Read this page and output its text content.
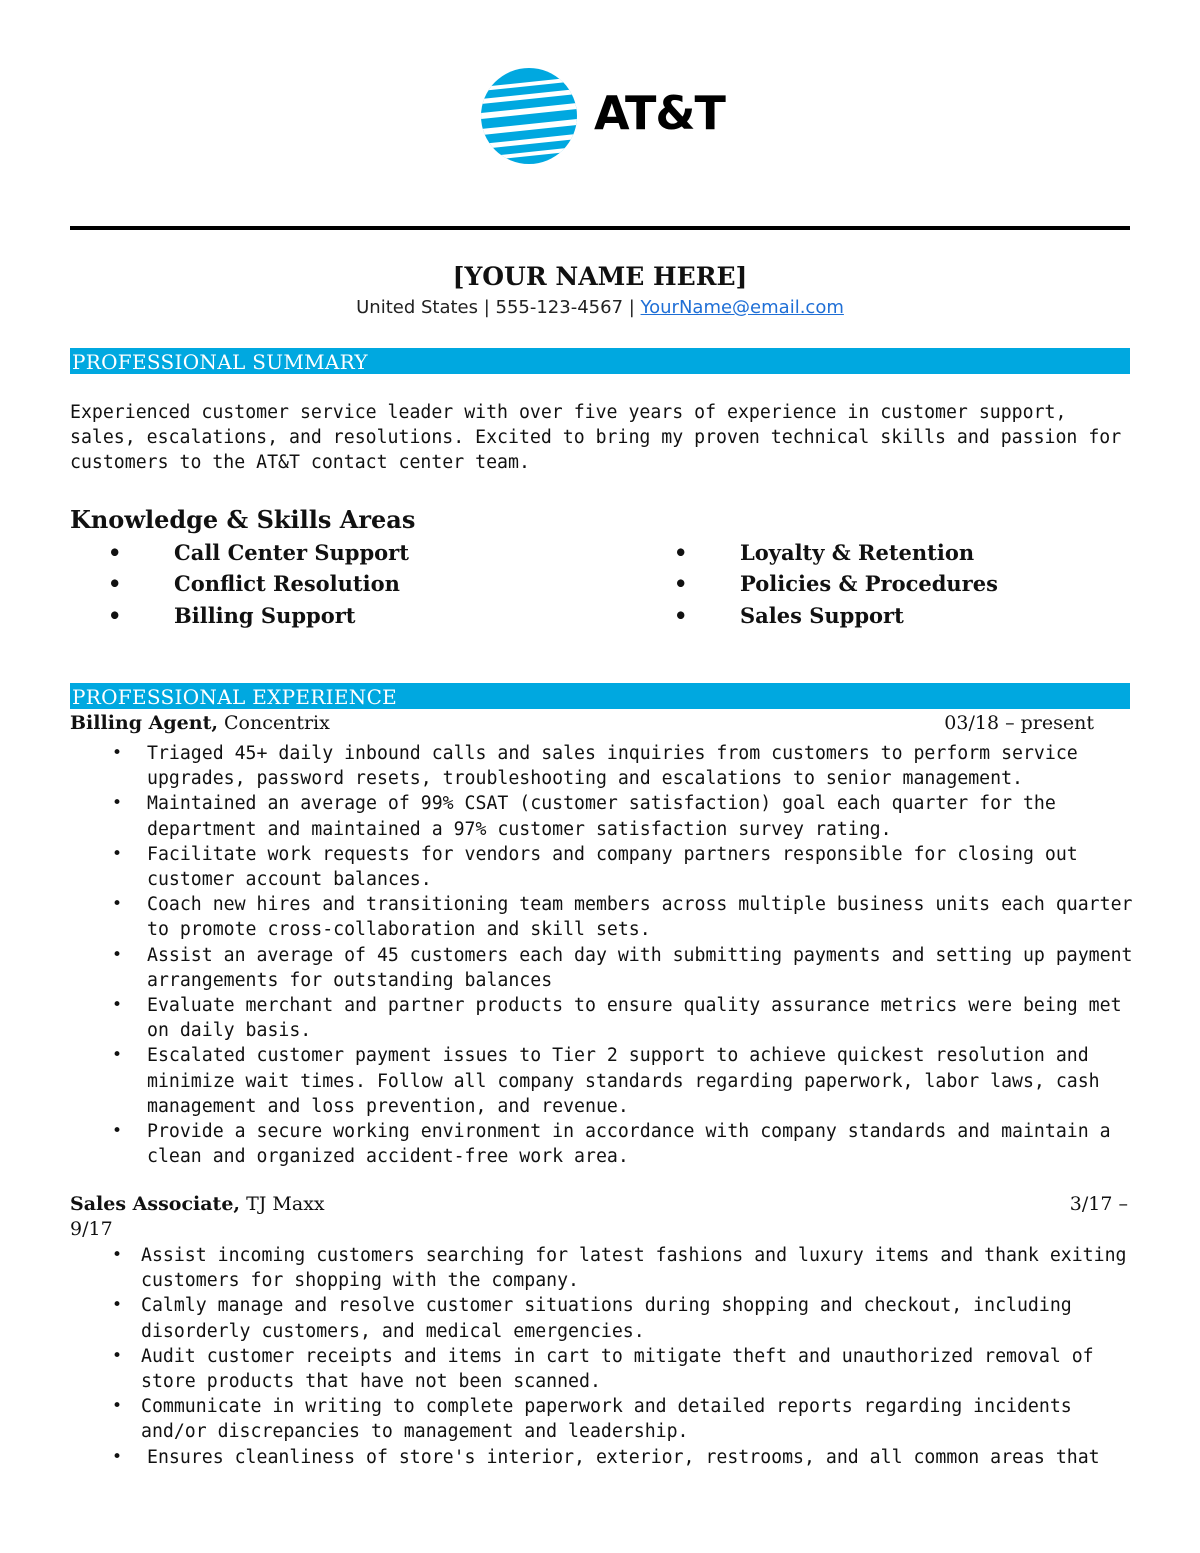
AT&T
[YOUR NAME HERE]
United States | 555-123-4567 | YourName@email.com
PROFESSIONAL SUMMARY
Experienced customer service leader with over five years of experience in customer support, sales, escalations, and resolutions. Excited to bring my proven technical skills and passion for customers to the AT&T contact center team.
Knowledge & Skills Areas
•	Call Center Support
•	Conflict Resolution
•	Billing Support
•	Loyalty & Retention
•	Policies & Procedures
•	Sales Support
PROFESSIONAL EXPERIENCE
Billing Agent, Concentrix	03/18 – present
• Triaged 45+ daily inbound calls and sales inquiries from customers to perform service upgrades, password resets, troubleshooting and escalations to senior management.
• Maintained an average of 99% CSAT (customer satisfaction) goal each quarter for the department and maintained a 97% customer satisfaction survey rating.
• Facilitate work requests for vendors and company partners responsible for closing out customer account balances.
• Coach new hires and transitioning team members across multiple business units each quarter to promote cross-collaboration and skill sets.
• Assist an average of 45 customers each day with submitting payments and setting up payment arrangements for outstanding balances
• Evaluate merchant and partner products to ensure quality assurance metrics were being met on daily basis.
• Escalated customer payment issues to Tier 2 support to achieve quickest resolution and minimize wait times. Follow all company standards regarding paperwork, labor laws, cash management and loss prevention, and revenue.
• Provide a secure working environment in accordance with company standards and maintain a clean and organized accident-free work area.
Sales Associate, TJ Maxx	3/17 –
9/17
• Assist incoming customers searching for latest fashions and luxury items and thank exiting customers for shopping with the company.
• Calmly manage and resolve customer situations during shopping and checkout, including disorderly customers, and medical emergencies.
• Audit customer receipts and items in cart to mitigate theft and unauthorized removal of store products that have not been scanned.
• Communicate in writing to complete paperwork and detailed reports regarding incidents and/or discrepancies to management and leadership.
• Ensures cleanliness of store's interior, exterior, restrooms, and all common areas that
